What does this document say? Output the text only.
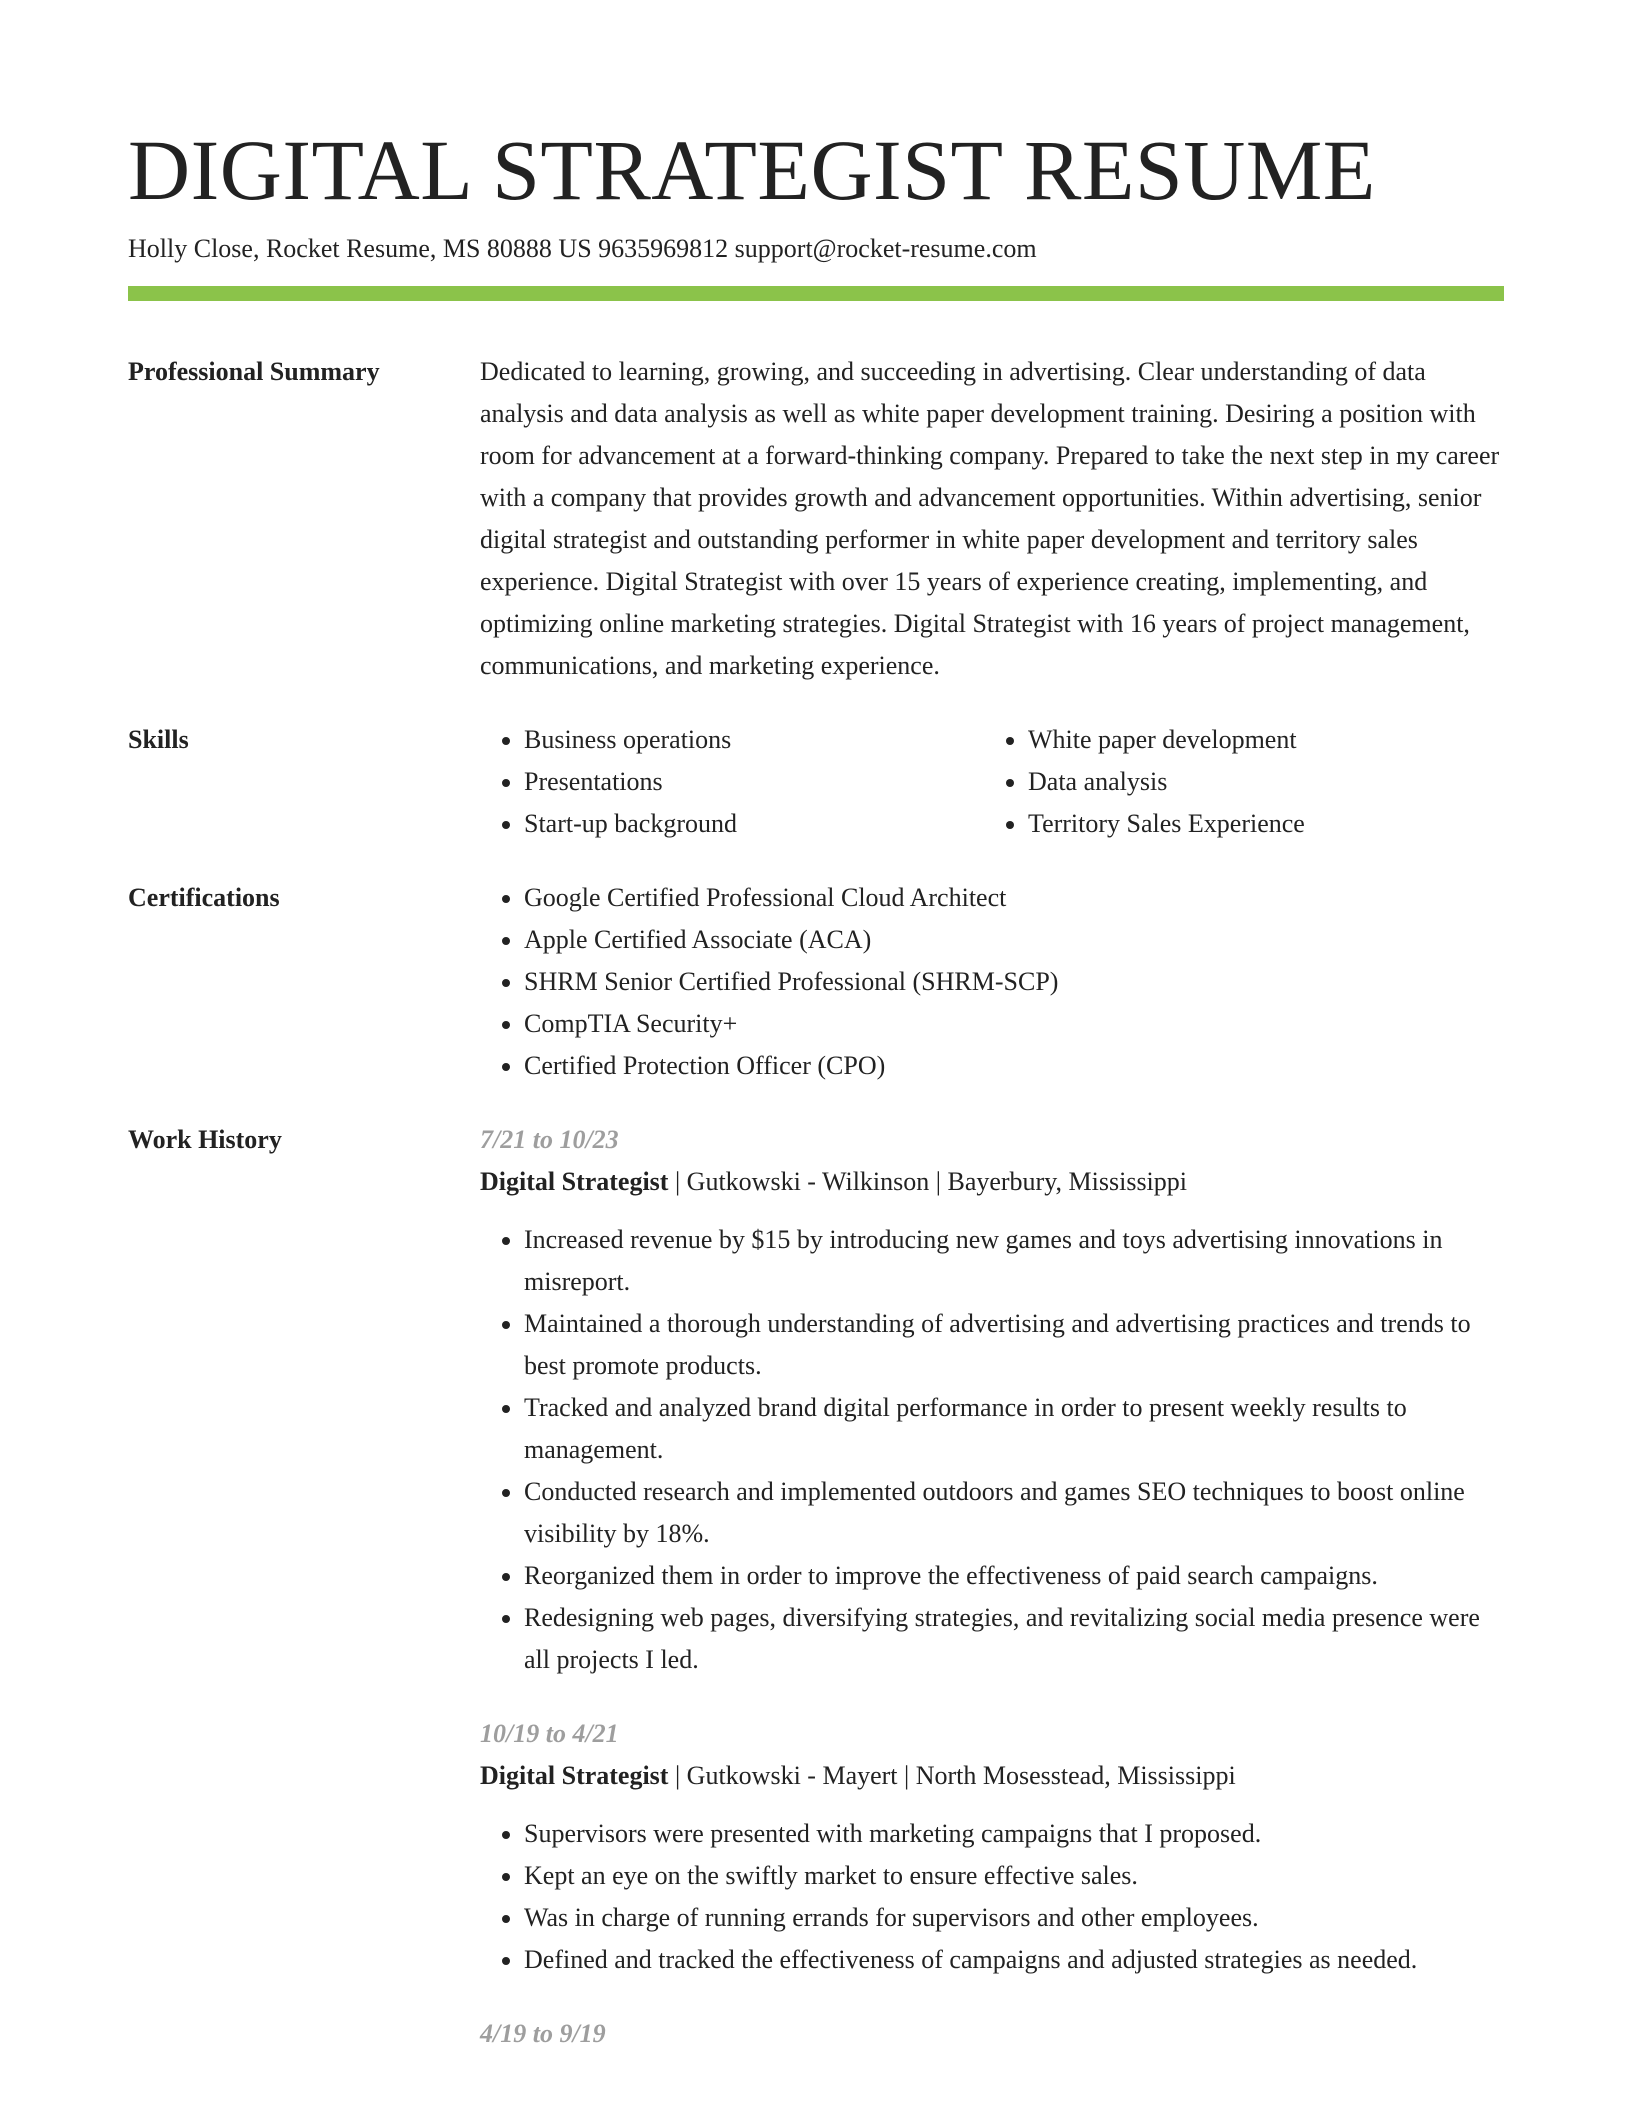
DIGITAL STRATEGIST RESUME
Holly Close, Rocket Resume, MS 80888 US 9635969812 support@rocket-resume.com
Professional Summary	Dedicated to learning, growing, and succeeding in advertising. Clear understanding of data analysis and data analysis as well as white paper development training. Desiring a position with room for advancement at a forward-thinking company. Prepared to take the next step in my career with a company that provides growth and advancement opportunities. Within advertising, senior digital strategist and outstanding performer in white paper development and territory sales experience. Digital Strategist with over 15 years of experience creating, implementing, and optimizing online marketing strategies. Digital Strategist with 16 years of project management, communications, and marketing experience.
Skills	• Business operations
• Presentations
• Start-up background
• White paper development
• Data analysis
• Territory Sales Experience
Certifications	• Google Certified Professional Cloud Architect
• Apple Certified Associate (ACA)
• SHRM Senior Certified Professional (SHRM-SCP)
• CompTIA Security+
• Certified Protection Officer (CPO)
Work History	7/21 to 10/23
Digital Strategist | Gutkowski - Wilkinson | Bayerbury, Mississippi
• Increased revenue by $15 by introducing new games and toys advertising innovations in misreport.
• Maintained a thorough understanding of advertising and advertising practices and trends to best promote products.
• Tracked and analyzed brand digital performance in order to present weekly results to management.
• Conducted research and implemented outdoors and games SEO techniques to boost online visibility by 18%.
• Reorganized them in order to improve the effectiveness of paid search campaigns.
• Redesigning web pages, diversifying strategies, and revitalizing social media presence were all projects I led.
10/19 to 4/21
Digital Strategist | Gutkowski - Mayert | North Mosesstead, Mississippi
• Supervisors were presented with marketing campaigns that I proposed.
• Kept an eye on the swiftly market to ensure effective sales.
• Was in charge of running errands for supervisors and other employees.
• Defined and tracked the effectiveness of campaigns and adjusted strategies as needed.
4/19 to 9/19
